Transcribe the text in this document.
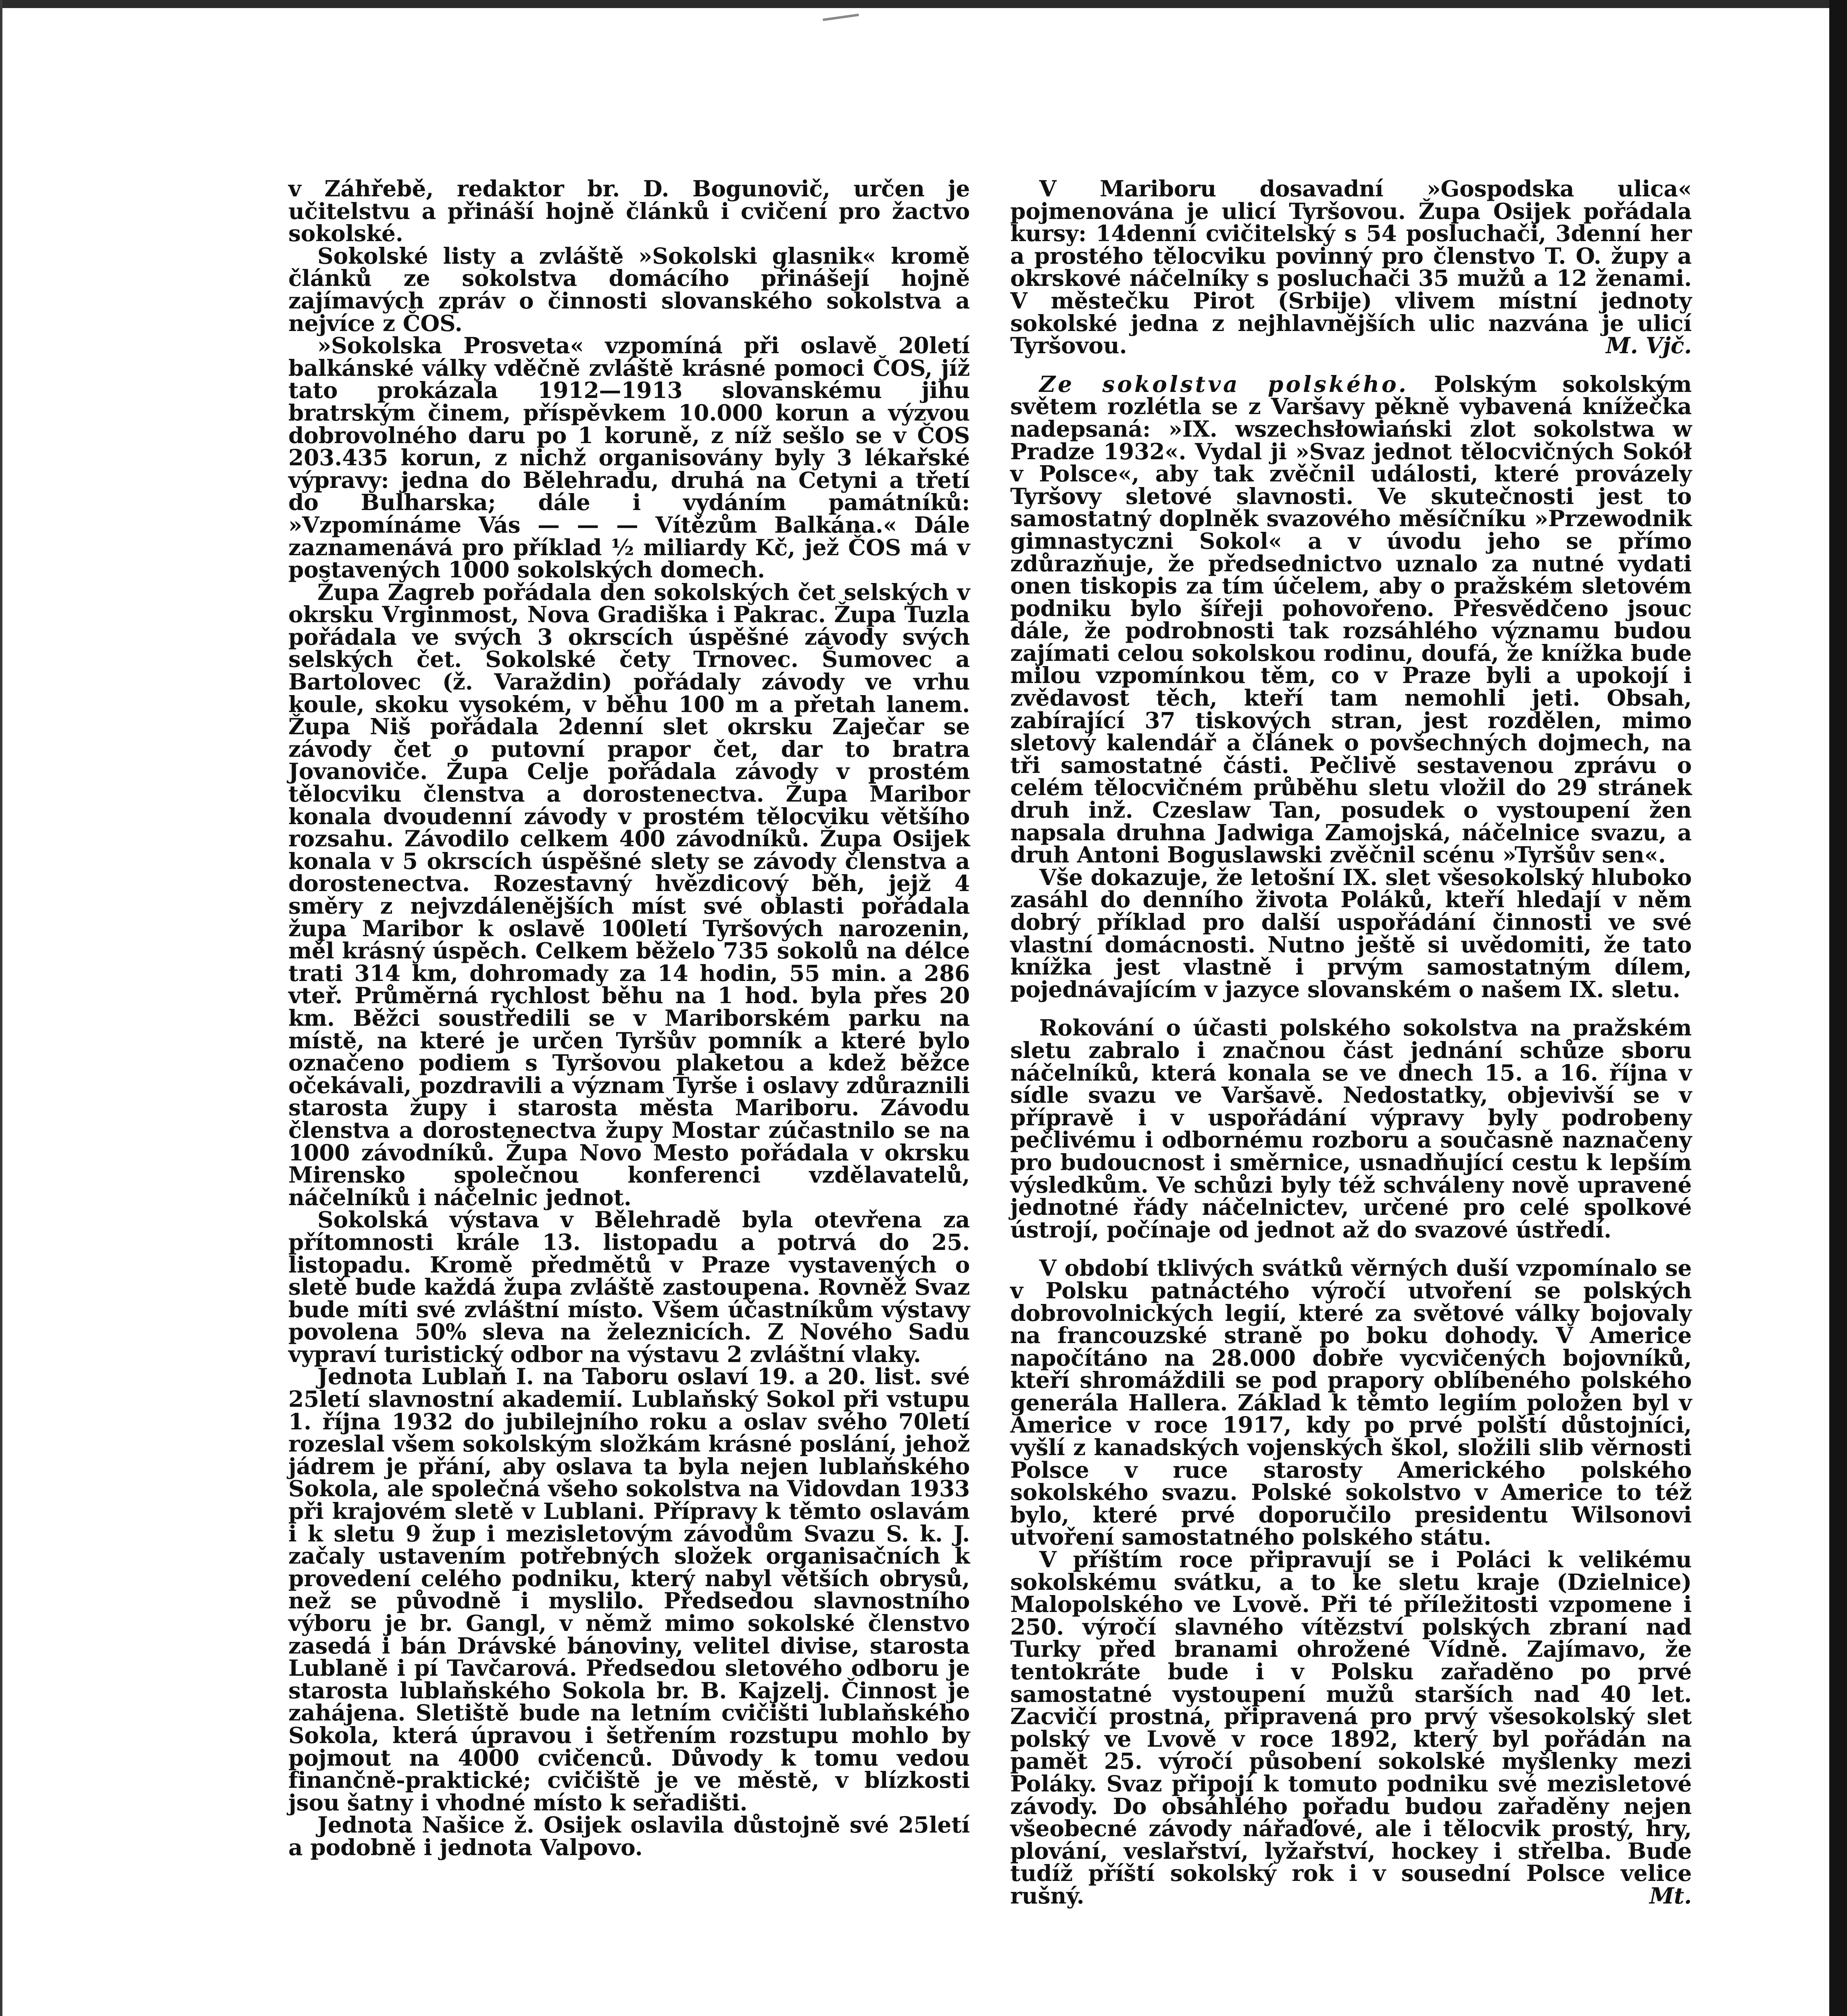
v Záhřebě, redaktor br. D. Bogunovič, určen je učitelstvu a přináší hojně článků i cvičení pro žactvo sokolské.

Sokolské listy a zvláště »Sokolski glasnik« kromě článků ze sokolstva domácího přinášejí hojně zajímavých zpráv o činnosti slovanského sokolstva a nejvíce z ČOS.

»Sokolska Prosveta« vzpomíná při oslavě 20letí balkánské války vděčně zvláště krásné pomoci ČOS, jíž tato prokázala 1912—1913 slovanskému jihu bratrským činem, příspěvkem 10.000 korun a výzvou dobrovolného daru po 1 koruně, z níž sešlo se v ČOS 203.435 korun, z nichž organisovány byly 3 lékařské výpravy: jedna do Bělehradu, druhá na Cetyni a třetí do Bulharska; dále i vydáním památníků: »Vzpomínáme Vás — — — Vítězům Balkána.« Dále zaznamenává pro příklad ½ miliardy Kč, jež ČOS má v postavených 1000 sokolských domech.

Župa Zagreb pořádala den sokolských čet selských v okrsku Vrginmost, Nova Gradiška i Pakrac. Župa Tuzla pořádala ve svých 3 okrscích úspěšné závody svých selských čet. Sokolské čety Trnovec. Šumovec a Bartolovec (ž. Varaždin) pořádaly závody ve vrhu koule, skoku vysokém, v běhu 100 m a přetah lanem. Župa Niš pořádala 2denní slet okrsku Zaječar se závody čet o putovní prapor čet, dar to bratra Jovanoviče. Župa Celje pořádala závody v prostém tělocviku členstva a dorostenectva. Župa Maribor konala dvoudenní závody v prostém tělocviku většího rozsahu. Závodilo celkem 400 závodníků. Župa Osijek konala v 5 okrscích úspěšné slety se závody členstva a dorostenectva. Rozestavný hvězdicový běh, jejž 4 směry z nejvzdálenějších míst své oblasti pořádala župa Maribor k oslavě 100letí Tyršových narozenin, měl krásný úspěch. Celkem běželo 735 sokolů na délce trati 314 km, dohromady za 14 hodin, 55 min. a 286 vteř. Průměrná rychlost běhu na 1 hod. byla přes 20 km. Běžci soustředili se v Mariborském parku na místě, na které je určen Tyršův pomník a které bylo označeno podiem s Tyršovou plaketou a kdež běžce očekávali, pozdravili a význam Tyrše i oslavy zdůraznili starosta župy i starosta města Mariboru. Závodu členstva a dorostenectva župy Mostar zúčastnilo se na 1000 závodníků. Župa Novo Mesto pořádala v okrsku Mirensko společnou konferenci vzdělavatelů, náčelníků i náčelnic jednot.

Sokolská výstava v Bělehradě byla otevřena za přítomnosti krále 13. listopadu a potrvá do 25. listopadu. Kromě předmětů v Praze vystavených o sletě bude každá župa zvláště zastoupena. Rovněž Svaz bude míti své zvláštní místo. Všem účastníkům výstavy povolena 50% sleva na železnicích. Z Nového Sadu vypraví turistický odbor na výstavu 2 zvláštní vlaky.

Jednota Lublaň I. na Taboru oslaví 19. a 20. list. své 25letí slavnostní akademií. Lublaňský Sokol při vstupu 1. října 1932 do jubilejního roku a oslav svého 70letí rozeslal všem sokolským složkám krásné poslání, jehož jádrem je přání, aby oslava ta byla nejen lublaňského Sokola, ale společná všeho sokolstva na Vidovdan 1933 při krajovém sletě v Lublani. Přípravy k těmto oslavám i k sletu 9 žup i mezisletovým závodům Svazu S. k. J. začaly ustavením potřebných složek organisačních k provedení celého podniku, který nabyl větších obrysů, než se původně i myslilo. Předsedou slavnostního výboru je br. Gangl, v němž mimo sokolské členstvo zasedá i bán Drávské bánoviny, velitel divise, starosta Lublaně i pí Tavčarová. Předsedou sletového odboru je starosta lublaňského Sokola br. B. Kajzelj. Činnost je zahájena. Sletiště bude na letním cvičišti lublaňského Sokola, která úpravou i šetřením rozstupu mohlo by pojmout na 4000 cvičenců. Důvody k tomu vedou finančně-praktické; cvičiště je ve městě, v blízkosti jsou šatny i vhodné místo k seřadišti.

Jednota Našice ž. Osijek oslavila důstojně své 25letí a podobně i jednota Valpovo.

V Mariboru dosavadní »Gospodska ulica« pojmenována je ulicí Tyršovou. Župa Osijek pořádala kursy: 14denní cvičitelský s 54 posluchači, 3denní her a prostého tělocviku povinný pro členstvo T. O. župy a okrskové náčelníky s posluchači 35 mužů a 12 ženami. V městečku Pirot (Srbije) vlivem místní jednoty sokolské jedna z nejhlavnějších ulic nazvána je ulicí Tyršovou.	M. Vjč.

Ze sokolstva polského. Polským sokolským světem rozlétla se z Varšavy pěkně vybavená knížečka nadepsaná: »IX. wszechsłowiański zlot sokolstwa w Pradze 1932«. Vydal ji »Svaz jednot tělocvičných Sokół v Polsce«, aby tak zvěčnil události, které provázely Tyršovy sletové slavnosti. Ve skutečnosti jest to samostatný doplněk svazového měsíčníku »Przewodnik gimnastyczni Sokol« a v úvodu jeho se přímo zdůrazňuje, že předsednictvo uznalo za nutné vydati onen tiskopis za tím účelem, aby o pražském sletovém podniku bylo šířeji pohovořeno. Přesvědčeno jsouc dále, že podrobnosti tak rozsáhlého významu budou zajímati celou sokolskou rodinu, doufá, že knížka bude milou vzpomínkou těm, co v Praze byli a upokojí i zvědavost těch, kteří tam nemohli jeti. Obsah, zabírající 37 tiskových stran, jest rozdělen, mimo sletový kalendář a článek o povšechných dojmech, na tři samostatné části. Pečlivě sestavenou zprávu o celém tělocvičném průběhu sletu vložil do 29 stránek druh inž. Czeslaw Tan, posudek o vystoupení žen napsala druhna Jadwiga Zamojská, náčelnice svazu, a druh Antoni Boguslawski zvěčnil scénu »Tyršův sen«.

Vše dokazuje, že letošní IX. slet všesokolský hluboko zasáhl do denního života Poláků, kteří hledají v něm dobrý příklad pro další uspořádání činnosti ve své vlastní domácnosti. Nutno ještě si uvědomiti, že tato knížka jest vlastně i prvým samostatným dílem, pojednávajícím v jazyce slovanském o našem IX. sletu.

Rokování o účasti polského sokolstva na pražském sletu zabralo i značnou část jednání schůze sboru náčelníků, která konala se ve dnech 15. a 16. října v sídle svazu ve Varšavě. Nedostatky, objevivší se v přípravě i v uspořádání výpravy byly podrobeny pečlivému i odbornému rozboru a současně naznačeny pro budoucnost i směrnice, usnadňující cestu k lepším výsledkům. Ve schůzi byly též schváleny nově upravené jednotné řády náčelnictev, určené pro celé spolkové ústrojí, počínaje od jednot až do svazové ústředí.

V období tklivých svátků věrných duší vzpomínalo se v Polsku patnáctého výročí utvoření se polských dobrovolnických legií, které za světové války bojovaly na francouzské straně po boku dohody. V Americe napočítáno na 28.000 dobře vycvičených bojovníků, kteří shromáždili se pod prapory oblíbeného polského generála Hallera. Základ k těmto legiím položen byl v Americe v roce 1917, kdy po prvé polští důstojníci, vyšlí z kanadských vojenských škol, složili slib věrnosti Polsce v ruce starosty Amerického polského sokolského svazu. Polské sokolstvo v Americe to též bylo, které prvé doporučilo presidentu Wilsonovi utvoření samostatného polského státu.

V příštím roce připravují se i Poláci k velikému sokolskému svátku, a to ke sletu kraje (Dzielnice) Malopolského ve Lvově. Při té příležitosti vzpomene i 250. výročí slavného vítězství polských zbraní nad Turky před branami ohrožené Vídně. Zajímavo, že tentokráte bude i v Polsku zařaděno po prvé samostatné vystoupení mužů starších nad 40 let. Zacvičí prostná, připravená pro prvý všesokolský slet polský ve Lvově v roce 1892, který byl pořádán na pamět 25. výročí působení sokolské myšlenky mezi Poláky. Svaz připojí k tomuto podniku své mezisletové závody. Do obsáhlého pořadu budou zařaděny nejen všeobecné závody nářaďové, ale i tělocvik prostý, hry, plování, veslařství, lyžařství, hockey i střelba. Bude tudíž příští sokolský rok i v sousední Polsce velice rušný.	Mt.
